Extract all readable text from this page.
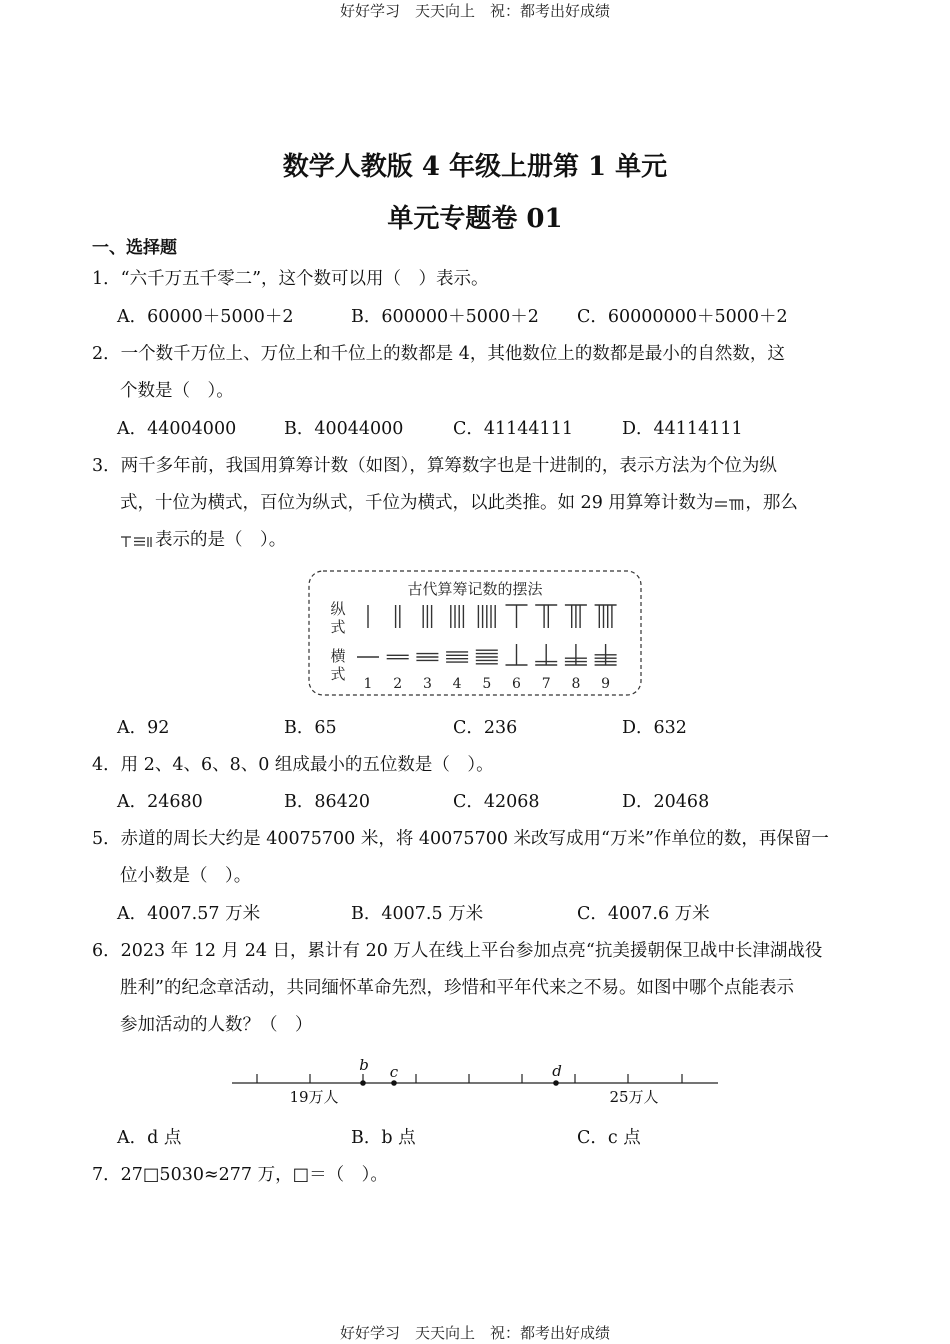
好好学习　天天向上　祝：都考出好成绩
数学人教版 4 年级上册第 1 单元
单元专题卷 01
一、选择题
1．“六千万五千零二”，这个数可以用（　）表示。
A．60000＋5000＋2	B．600000＋5000＋2 C．60000000＋5000＋2
2．一个数千万位上、万位上和千位上的数都是 4，其他数位上的数都是最小的自然数，这
个数是（　）。
A．44004000	B．40044000	C．41144111	D．44114111
3．两千多年前，我国用算筹计数（如图），算筹数字也是十进制的，表示方法为个位为纵
式，十位为横式，百位为纵式，千位为横式，以此类推。如 29 用算筹计数为 ，那么
表示的是（　）。
古代算筹记数的摆法
纵
式
横
式
1 2 3 4 5 6 7 8 9
A．92	B．65	C．236	D．632
4．用 2、4、6、8、0 组成最小的五位数是（　）。
A．24680	B．86420	C．42068	D．20468
5．赤道的周长大约是 40075700 米，将 40075700 米改写成用“万米”作单位的数，再保留一
位小数是（　）。
A．4007.57 万米	B．4007.5 万米	C．4007.6 万米
6．2023 年 12 月 24 日，累计有 20 万人在线上平台参加点亮“抗美援朝保卫战中长津湖战役
胜利”的纪念章活动，共同缅怀革命先烈，珍惜和平年代来之不易。如图中哪个点能表示
参加活动的人数？（　）
b c	d
19万人	25万人
A．d 点	B．b 点	C．c 点
7．27□5030≈277 万，□＝（　）。
好好学习　天天向上　祝：都考出好成绩
